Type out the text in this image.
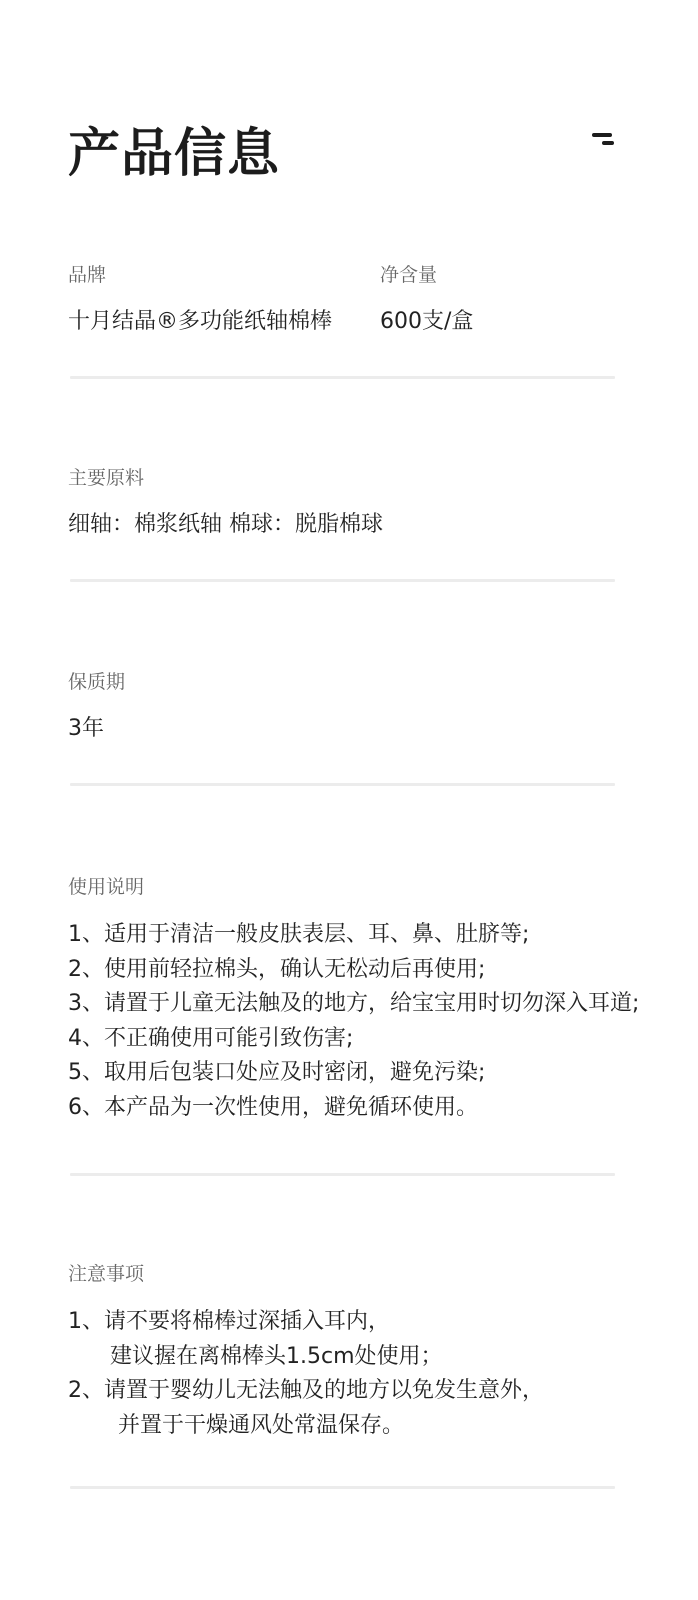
产品信息

品牌

十月结晶®多功能纸轴棉棒

净含量

600支/盒

主要原料

细轴：棉浆纸轴 棉球：脱脂棉球

保质期

3年

使用说明

1、适用于清洁一般皮肤表层、耳、鼻、肚脐等;
2、使用前轻拉棉头，确认无松动后再使用;
3、请置于儿童无法触及的地方，给宝宝用时切勿深入耳道;
4、不正确使用可能引致伤害;
5、取用后包装口处应及时密闭，避免污染;
6、本产品为一次性使用，避免循环使用。

注意事项

1、请不要将棉棒过深插入耳内，
建议握在离棉棒头1.5cm处使用；
2、请置于婴幼儿无法触及的地方以免发生意外，
并置于干燥通风处常温保存。
